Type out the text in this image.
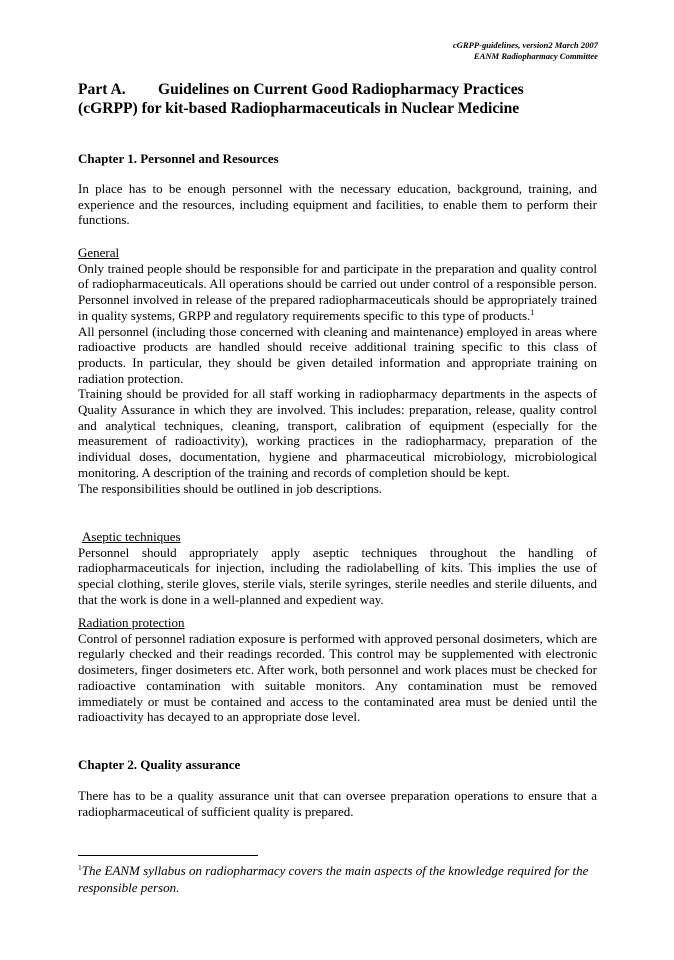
cGRPP-guidelines, version2 March 2007
EANM Radiopharmacy Committee
Part A. Guidelines on Current Good Radiopharmacy Practices
(cGRPP) for kit-based Radiopharmaceuticals in Nuclear Medicine

Chapter 1. Personnel and Resources

In place has to be enough personnel with the necessary education, background, training, and experience and the resources, including equipment and facilities, to enable them to perform their functions.

General

Only trained people should be responsible for and participate in the preparation and quality control of radiopharmaceuticals. All operations should be carried out under control of a responsible person. Personnel involved in release of the prepared radiopharmaceuticals should be appropriately trained in quality systems, GRPP and regulatory requirements specific to this type of products.$^1$

All personnel (including those concerned with cleaning and maintenance) employed in areas where radioactive products are handled should receive additional training specific to this class of products. In particular, they should be given detailed information and appropriate training on radiation protection.

Training should be provided for all staff working in radiopharmacy departments in the aspects of Quality Assurance in which they are involved. This includes: preparation, release, quality control and analytical techniques, cleaning, transport, calibration of equipment (especially for the measurement of radioactivity), working practices in the radiopharmacy, preparation of the individual doses, documentation, hygiene and pharmaceutical microbiology, microbiological monitoring. A description of the training and records of completion should be kept.

The responsibilities should be outlined in job descriptions.

Aseptic techniques

Personnel should appropriately apply aseptic techniques throughout the handling of radiopharmaceuticals for injection, including the radiolabelling of kits. This implies the use of special clothing, sterile gloves, sterile vials, sterile syringes, sterile needles and sterile diluents, and that the work is done in a well-planned and expedient way.

Radiation protection

Control of personnel radiation exposure is performed with approved personal dosimeters, which are regularly checked and their readings recorded. This control may be supplemented with electronic dosimeters, finger dosimeters etc. After work, both personnel and work places must be checked for radioactive contamination with suitable monitors. Any contamination must be removed immediately or must be contained and access to the contaminated area must be denied until the radioactivity has decayed to an appropriate dose level.

Chapter 2. Quality assurance

There has to be a quality assurance unit that can oversee preparation operations to ensure that a radiopharmaceutical of sufficient quality is prepared.

$^1$The EANM syllabus on radiopharmacy covers the main aspects of the knowledge required for the responsible person.
